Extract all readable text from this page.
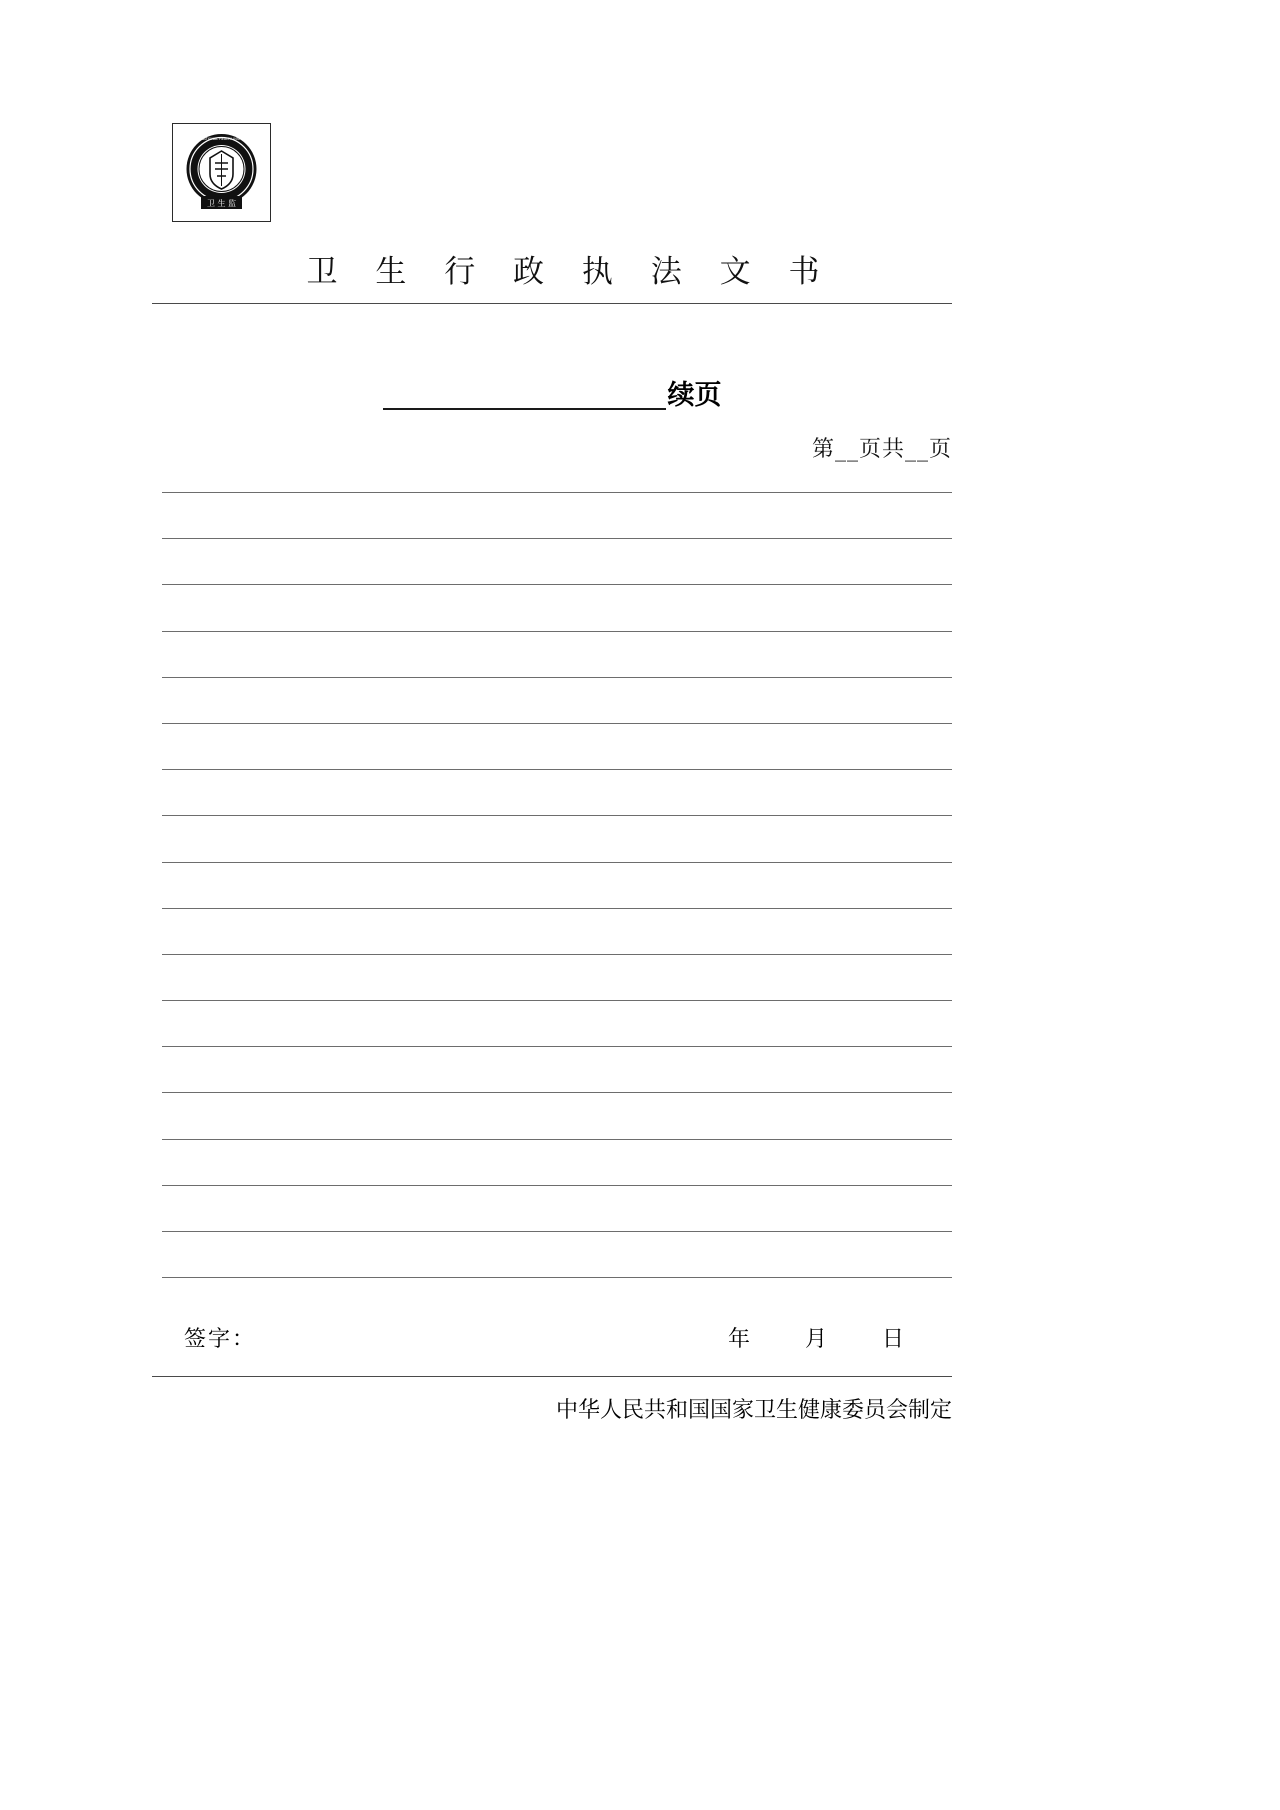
CHINA NATIONAL HEALTH INSPECTION
卫 生 监
卫 生 行 政 执 法 文 书
续页
第__页共__页
签字：	年 月 日
中华人民共和国国家卫生健康委员会制定
